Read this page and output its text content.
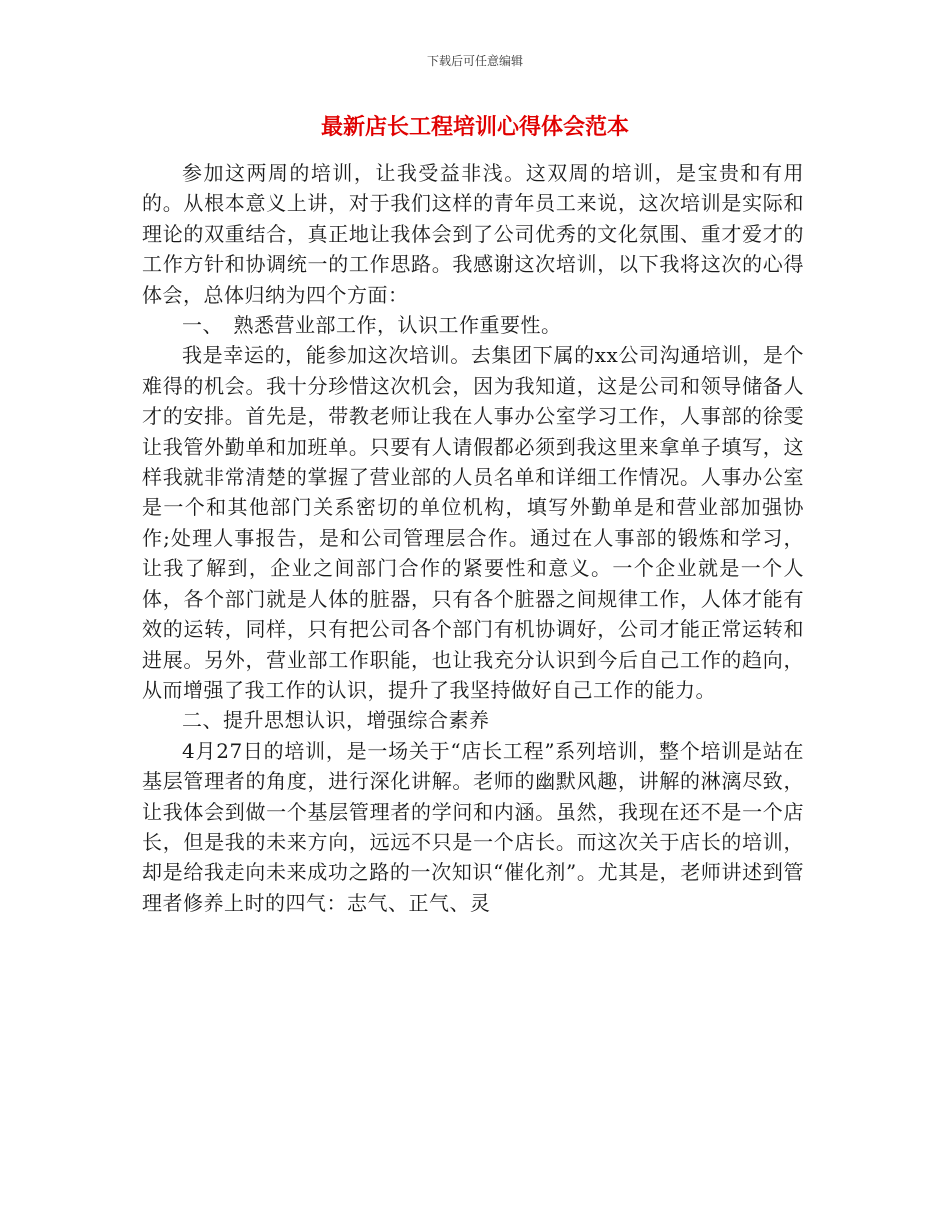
下载后可任意编辑
最新店长工程培训心得体会范本

参加这两周的培训，让我受益非浅。这双周的培训，是宝贵和有用的。从根本意义上讲，对于我们这样的青年员工来说，这次培训是实际和理论的双重结合，真正地让我体会到了公司优秀的文化氛围、重才爱才的工作方针和协调统一的工作思路。我感谢这次培训，以下我将这次的心得体会，总体归纳为四个方面：

一、　熟悉营业部工作，认识工作重要性。

我是幸运的，能参加这次培训。去集团下属的xx公司沟通培训，是个难得的机会。我十分珍惜这次机会，因为我知道，这是公司和领导储备人才的安排。首先是，带教老师让我在人事办公室学习工作，人事部的徐雯让我管外勤单和加班单。只要有人请假都必须到我这里来拿单子填写，这样我就非常清楚的掌握了营业部的人员名单和详细工作情况。人事办公室是一个和其他部门关系密切的单位机构，填写外勤单是和营业部加强协作;处理人事报告，是和公司管理层合作。通过在人事部的锻炼和学习，让我了解到，企业之间部门合作的紧要性和意义。一个企业就是一个人体，各个部门就是人体的脏器，只有各个脏器之间规律工作，人体才能有效的运转，同样，只有把公司各个部门有机协调好，公司才能正常运转和进展。另外，营业部工作职能，也让我充分认识到今后自己工作的趋向，从而增强了我工作的认识，提升了我坚持做好自己工作的能力。

二、提升思想认识，增强综合素养

4月27日的培训，是一场关于“店长工程”系列培训，整个培训是站在基层管理者的角度，进行深化讲解。老师的幽默风趣，讲解的淋漓尽致，让我体会到做一个基层管理者的学问和内涵。虽然，我现在还不是一个店长，但是我的未来方向，远远不只是一个店长。而这次关于店长的培训，却是给我走向未来成功之路的一次知识“催化剂”。尤其是，老师讲述到管理者修养上时的四气：志气、正气、灵
